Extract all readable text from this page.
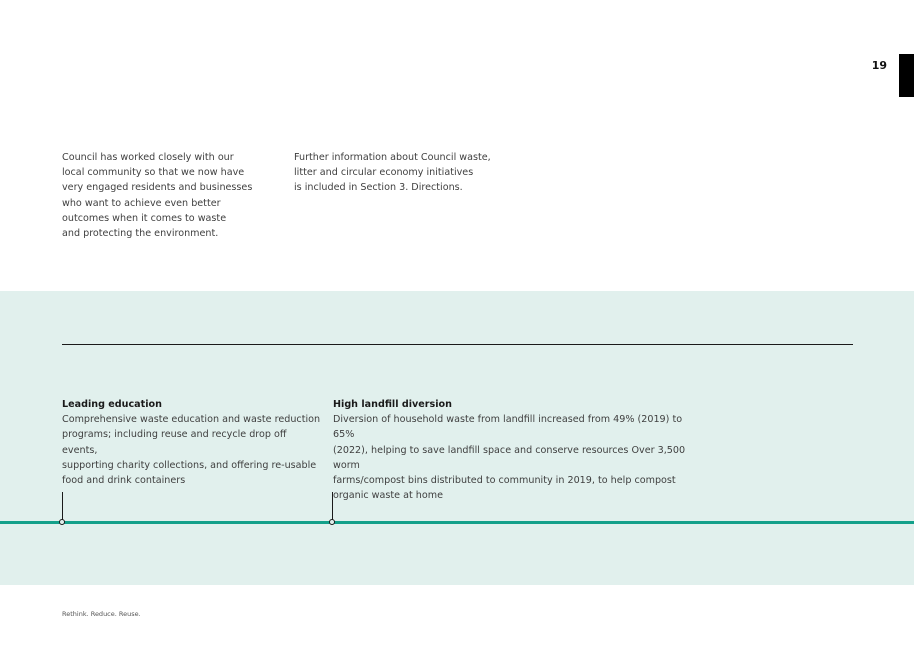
19
Council has worked closely with our
local community so that we now have
very engaged residents and businesses
who want to achieve even better
outcomes when it comes to waste
and protecting the environment.
Further information about Council waste,
litter and circular economy initiatives
is included in Section 3. Directions.
Leading education
Comprehensive waste education and waste reduction
programs; including reuse and recycle drop off events,
supporting charity collections, and offering re-usable
food and drink containers
High landfill diversion
Diversion of household waste from landfill increased from 49% (2019) to 65%
(2022), helping to save landfill space and conserve resources Over 3,500 worm
farms/compost bins distributed to community in 2019, to help compost
organic waste at home
Rethink. Reduce. Reuse.
